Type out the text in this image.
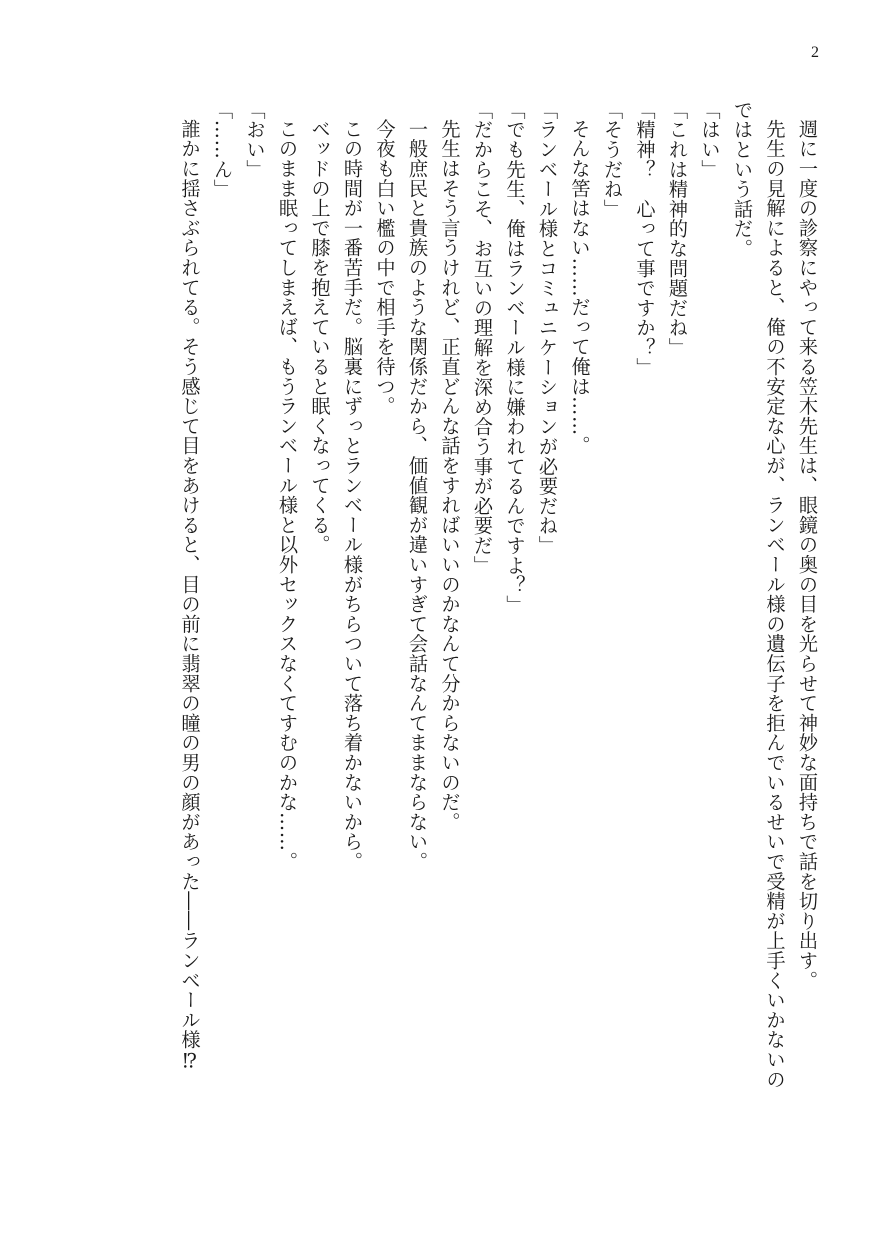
2

週に一度の診察にやって来る笠木先生は、眼鏡の奥の目を光らせて神妙な面持ちで話を切り出す。

先生の見解によると、俺の不安定な心が、ランベール様の遺伝子を拒んでいるせいで受精が上手くいかないの

ではという話だ。

「はい」

「これは精神的な問題だね」

「精神？　心って事ですか？」

「そうだね」

そんな筈はない……だって俺は……。

「ランベール様とコミュニケーションが必要だね」

「でも先生、俺はランベール様に嫌われてるんですよ？」

「だからこそ、お互いの理解を深め合う事が必要だ」

先生はそう言うけれど、正直どんな話をすればいいのかなんて分からないのだ。

一般庶民と貴族のような関係だから、価値観が違いすぎて会話なんてままならない。

今夜も白い檻の中で相手を待つ。

この時間が一番苦手だ。脳裏にずっとランベール様がちらついて落ち着かないから。

ベッドの上で膝を抱えていると眠くなってくる。

このまま眠ってしまえば、もうランベール様と以外セックスなくてすむのかな……。

「おい」

「……ん」

誰かに揺さぶられてる。そう感じて目をあけると、目の前に翡翠の瞳の男の顔があった――ランベール様⁉
